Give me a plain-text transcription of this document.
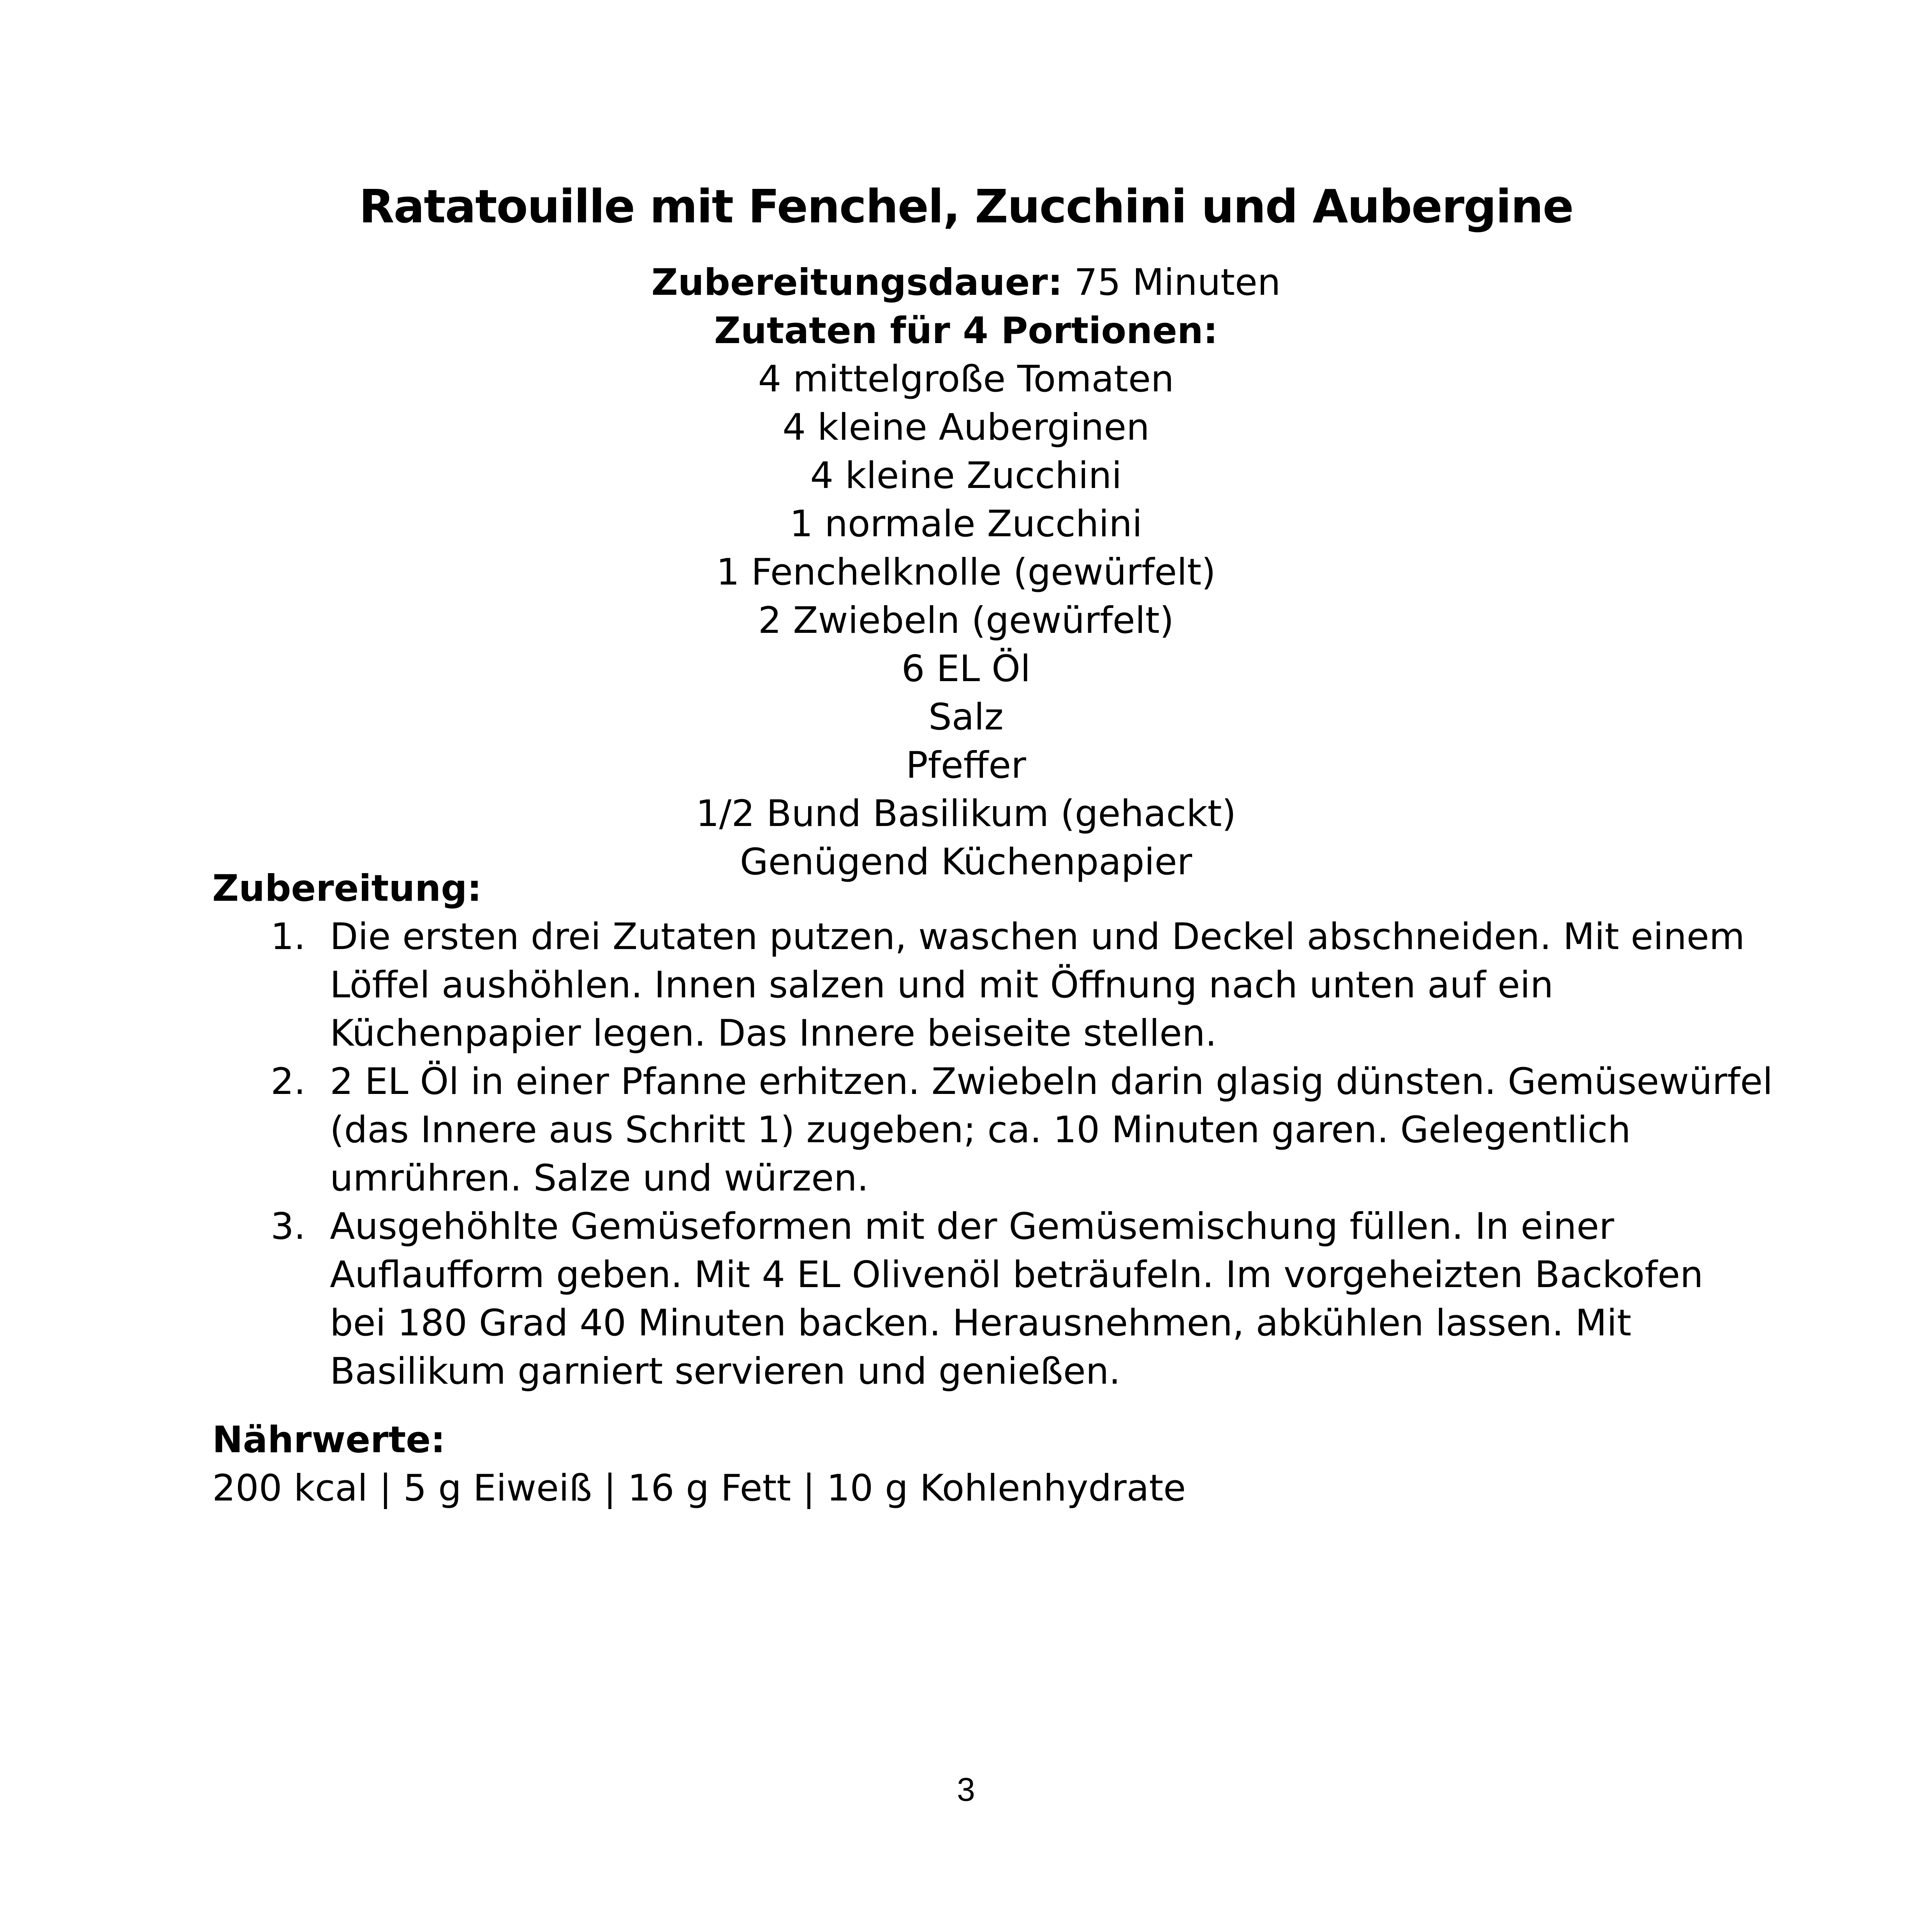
Ratatouille mit Fenchel, Zucchini und Aubergine

Zubereitungsdauer: 75 Minuten

Zutaten für 4 Portionen:

4 mittelgroße Tomaten

4 kleine Auberginen

4 kleine Zucchini

1 normale Zucchini

1 Fenchelknolle (gewürfelt)

2 Zwiebeln (gewürfelt)

6 EL Öl

Salz

Pfeffer

1/2 Bund Basilikum (gehackt)

Genügend Küchenpapier

Zubereitung:
1. Die ersten drei Zutaten putzen, waschen und Deckel abschneiden. Mit einem
Löffel aushöhlen. Innen salzen und mit Öffnung nach unten auf ein
Küchenpapier legen. Das Innere beiseite stellen.
2. 2 EL Öl in einer Pfanne erhitzen. Zwiebeln darin glasig dünsten. Gemüsewürfel
(das Innere aus Schritt 1) zugeben; ca. 10 Minuten garen. Gelegentlich
umrühren. Salze und würzen.
3. Ausgehöhlte Gemüseformen mit der Gemüsemischung füllen. In einer
Auflaufform geben. Mit 4 EL Olivenöl beträufeln. Im vorgeheizten Backofen
bei 180 Grad 40 Minuten backen. Herausnehmen, abkühlen lassen. Mit
Basilikum garniert servieren und genießen.
Nährwerte:

200 kcal | 5 g Eiweiß | 16 g Fett | 10 g Kohlenhydrate

3
